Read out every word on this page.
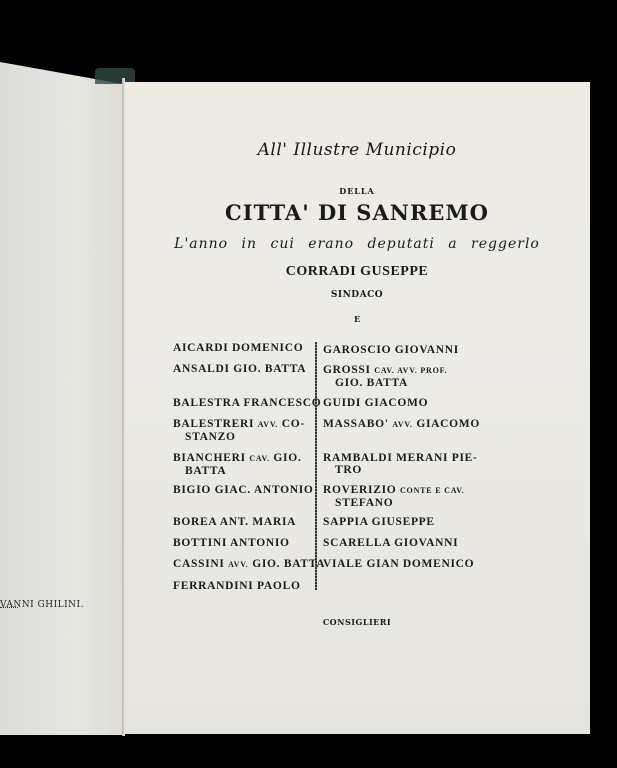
VANNI GHILINI.
All' Illustre Municipio
DELLA
CITTA' DI SANREMO
L'anno in cui erano deputati a reggerlo
CORRADI GUSEPPE
SINDACO
E
AICARDI DOMENICO
ANSALDI GIO. BATTA
BALESTRA FRANCESCO
BALESTRERI AVV. CO-
STANZO
BIANCHERI CAV. GIO.
BATTA
BIGIO GIAC. ANTONIO
BOREA ANT. MARIA
BOTTINI ANTONIO
CASSINI AVV. GIO. BATTA
FERRANDINI PAOLO
GAROSCIO GIOVANNI
GROSSI CAV. AVV. PROF.
GIO. BATTA
GUIDI GIACOMO
MASSABO' AVV. GIACOMO
RAMBALDI MERANI PIE-
TRO
ROVERIZIO CONTE E CAV.
STEFANO
SAPPIA GIUSEPPE
SCARELLA GIOVANNI
VIALE GIAN DOMENICO
CONSIGLIERI
